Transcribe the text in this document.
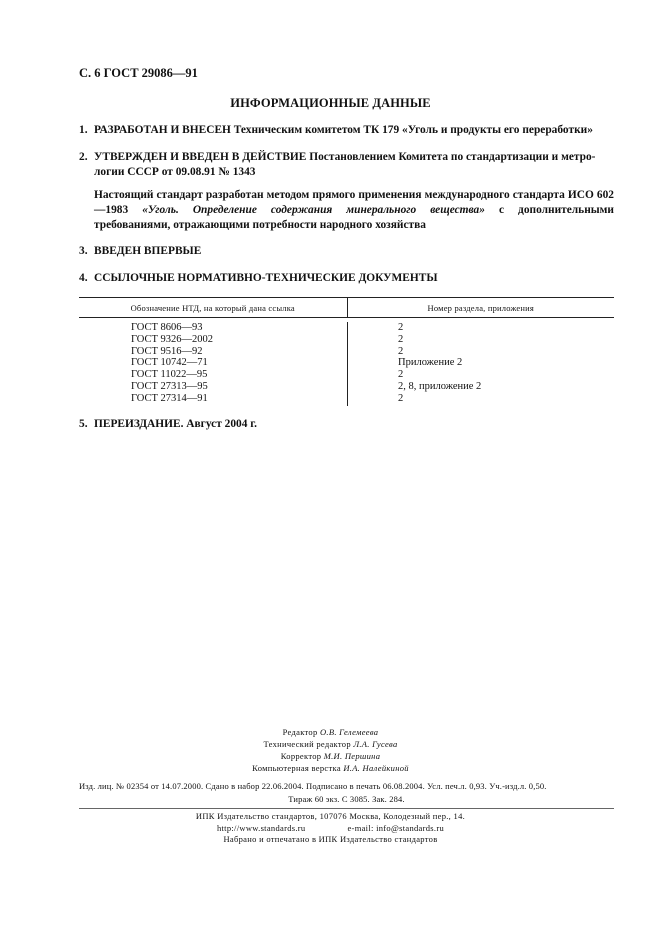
С. 6 ГОСТ 29086—91
ИНФОРМАЦИОННЫЕ ДАННЫЕ
1. РАЗРАБОТАН И ВНЕСЕН Техническим комитетом ТК 179 «Уголь и продукты его переработки»
2. УТВЕРЖДЕН И ВВЕДЕН В ДЕЙСТВИЕ Постановлением Комитета по стандартизации и метро-
логии СССР от 09.08.91 № 1343
Настоящий стандарт разработан методом прямого применения международного стандарта ИСО 602—1983 «Уголь. Определение содержания минерального вещества» с дополнительными требованиями, отражающими потребности народного хозяйства
3. ВВЕДЕН ВПЕРВЫЕ
4. ССЫЛОЧНЫЕ НОРМАТИВНО-ТЕХНИЧЕСКИЕ ДОКУМЕНТЫ
Обозначение НТД, на который дана ссылка	Номер раздела, приложения
ГОСТ 8606—93
ГОСТ 9326—2002
ГОСТ 9516—92
ГОСТ 10742—71
ГОСТ 11022—95
ГОСТ 27313—95
ГОСТ 27314—91
2
2
2
Приложение 2
2
2, 8, приложение 2
2
5. ПЕРЕИЗДАНИЕ. Август 2004 г.
Редактор О.В. Гелемеева
Технический редактор Л.А. Гусева
Корректор М.И. Першина
Компьютерная верстка И.А. Налейкиной
Изд. лиц. № 02354 от 14.07.2000. Сдано в набор 22.06.2004. Подписано в печать 06.08.2004. Усл. печ.л. 0,93. Уч.-изд.л. 0,50.
Тираж 60 экз. С 3085. Зак. 284.
ИПК Издательство стандартов, 107076 Москва, Колодезный пер., 14.
http://www.standards.ru	e-mail: info@standards.ru
Набрано и отпечатано в ИПК Издательство стандартов
